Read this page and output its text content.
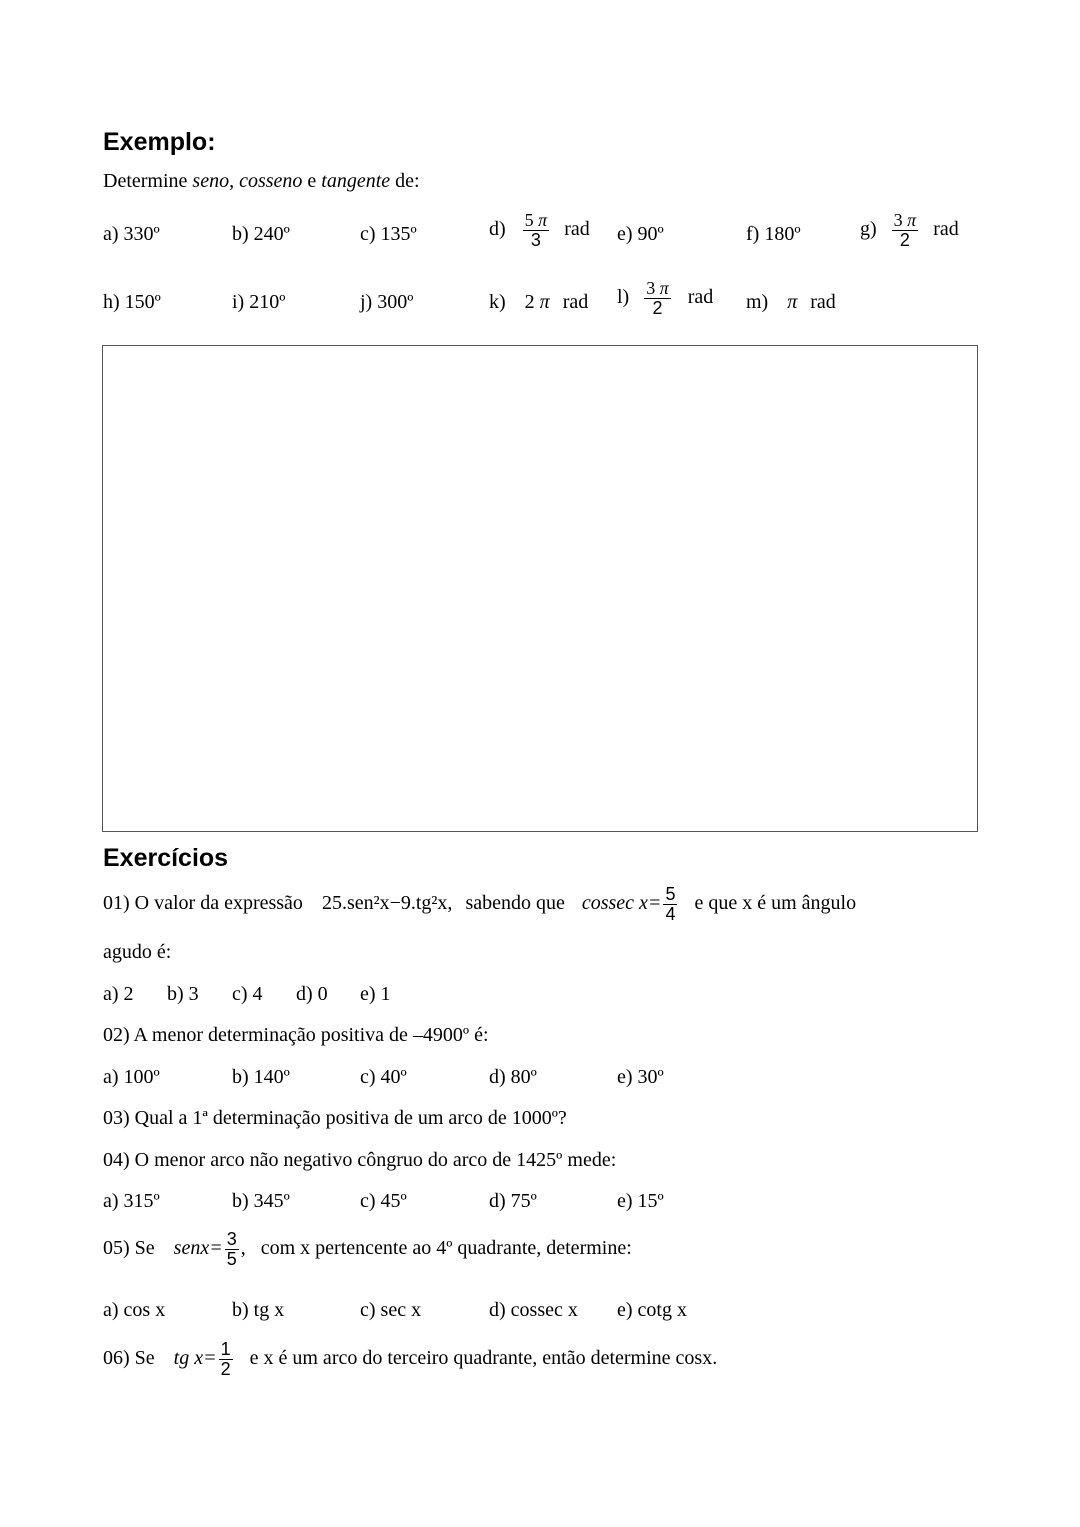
Exemplo:
Determine seno, cosseno e tangente de:
a) 330º	b) 240º	c) 135º	$d) \frac{5 \pi}{3}$ rad e) 90º	f) 180º	$g) \frac{3 \pi}{2}$ rad
h) 150º	i) 210º	j) 300º	k) 2 π rad $l) \frac{3 \pi}{2}$ rad m) π rad
Exercícios
01) O valor da expressão 25.sen²x−9.tg²x, sabendo que cossec $x= \frac{5}{4}$ e que x é um ângulo
agudo é:
a) 2 b) 3 c) 4 d) 0 e) 1
02) A menor determinação positiva de –4900º é:
a) 100º	b) 140º	c) 40º	d) 80º	e) 30º
03) Qual a 1ª determinação positiva de um arco de 1000º?
04) O menor arco não negativo côngruo do arco de 1425º mede:
a) 315º	b) 345º	c) 45º	d) 75º	e) 15º
05) Se senx= $\frac{3}{5}$ , com x pertencente ao 4º quadrante, determine:
a) cos x	b) tg x	c) sec x	d) cossec x e) cotg x
06) Se tg $x= \frac{1}{2}$ e x é um arco do terceiro quadrante, então determine cosx.
